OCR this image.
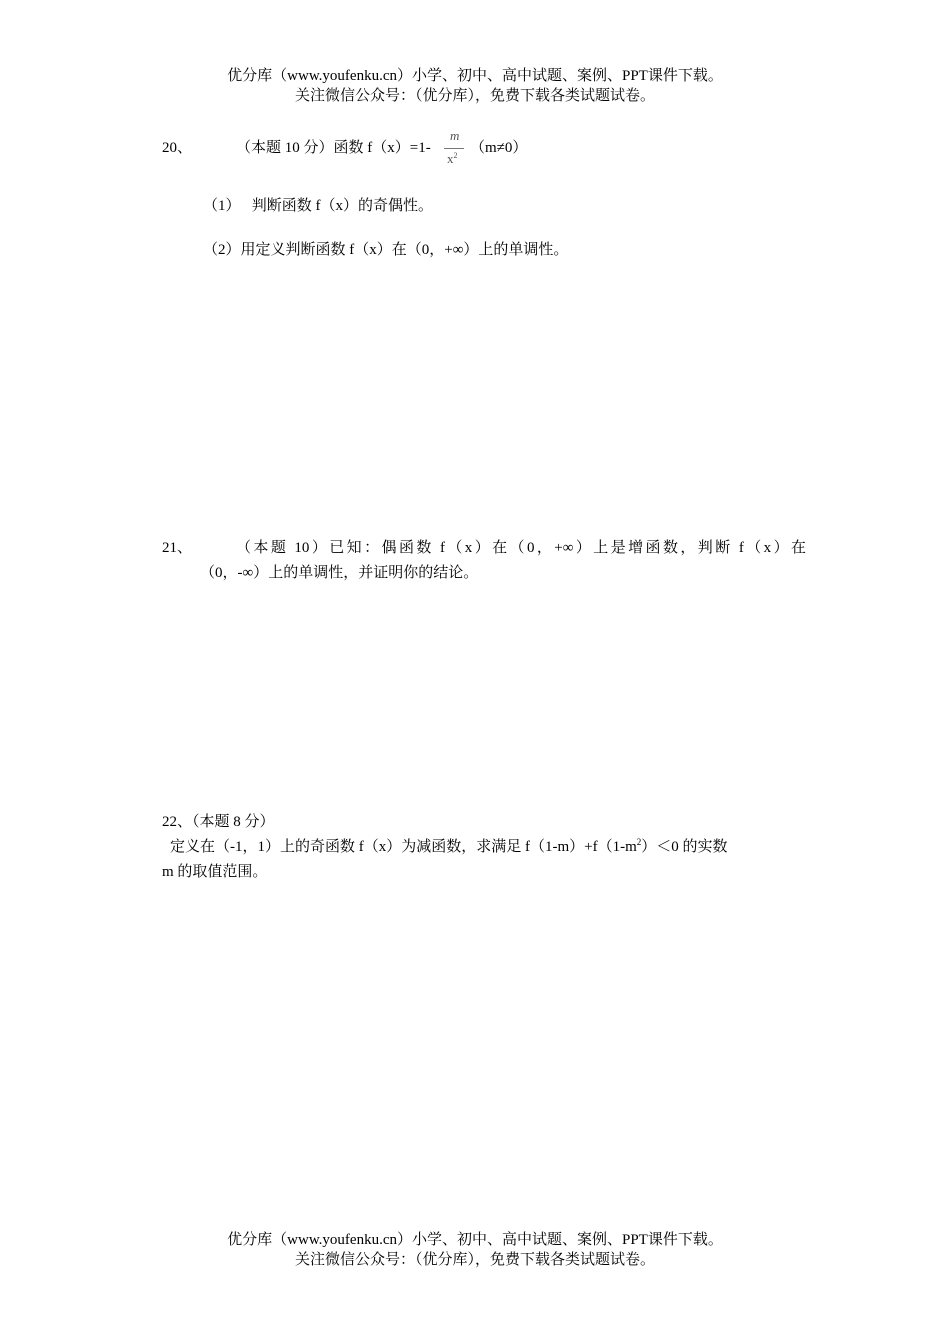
优分库（www.youfenku.cn）小学、初中、高中试题、案例、PPT课件下载。
关注微信公众号：（优分库），免费下载各类试题试卷。
20、	（本题 10 分）函数 f（x）=1-
m
$x^2$ （m≠0）
（1）   判断函数 f（x）的奇偶性。
（2）用定义判断函数 f（x）在（0，+∞）上的单调性。
21、	（本题 10）已知：偶函数 f（x）在（0，+∞）上是增函数，判断 f（x）在
（0，-∞）上的单调性，并证明你的结论。
22、（本题 8 分）
定义在（-1，1）上的奇函数 f（x）为减函数，求满足 $f(1-m)+f(1-m^2)<0$ 的实数
m 的取值范围。
优分库（www.youfenku.cn）小学、初中、高中试题、案例、PPT课件下载。
关注微信公众号：（优分库），免费下载各类试题试卷。
